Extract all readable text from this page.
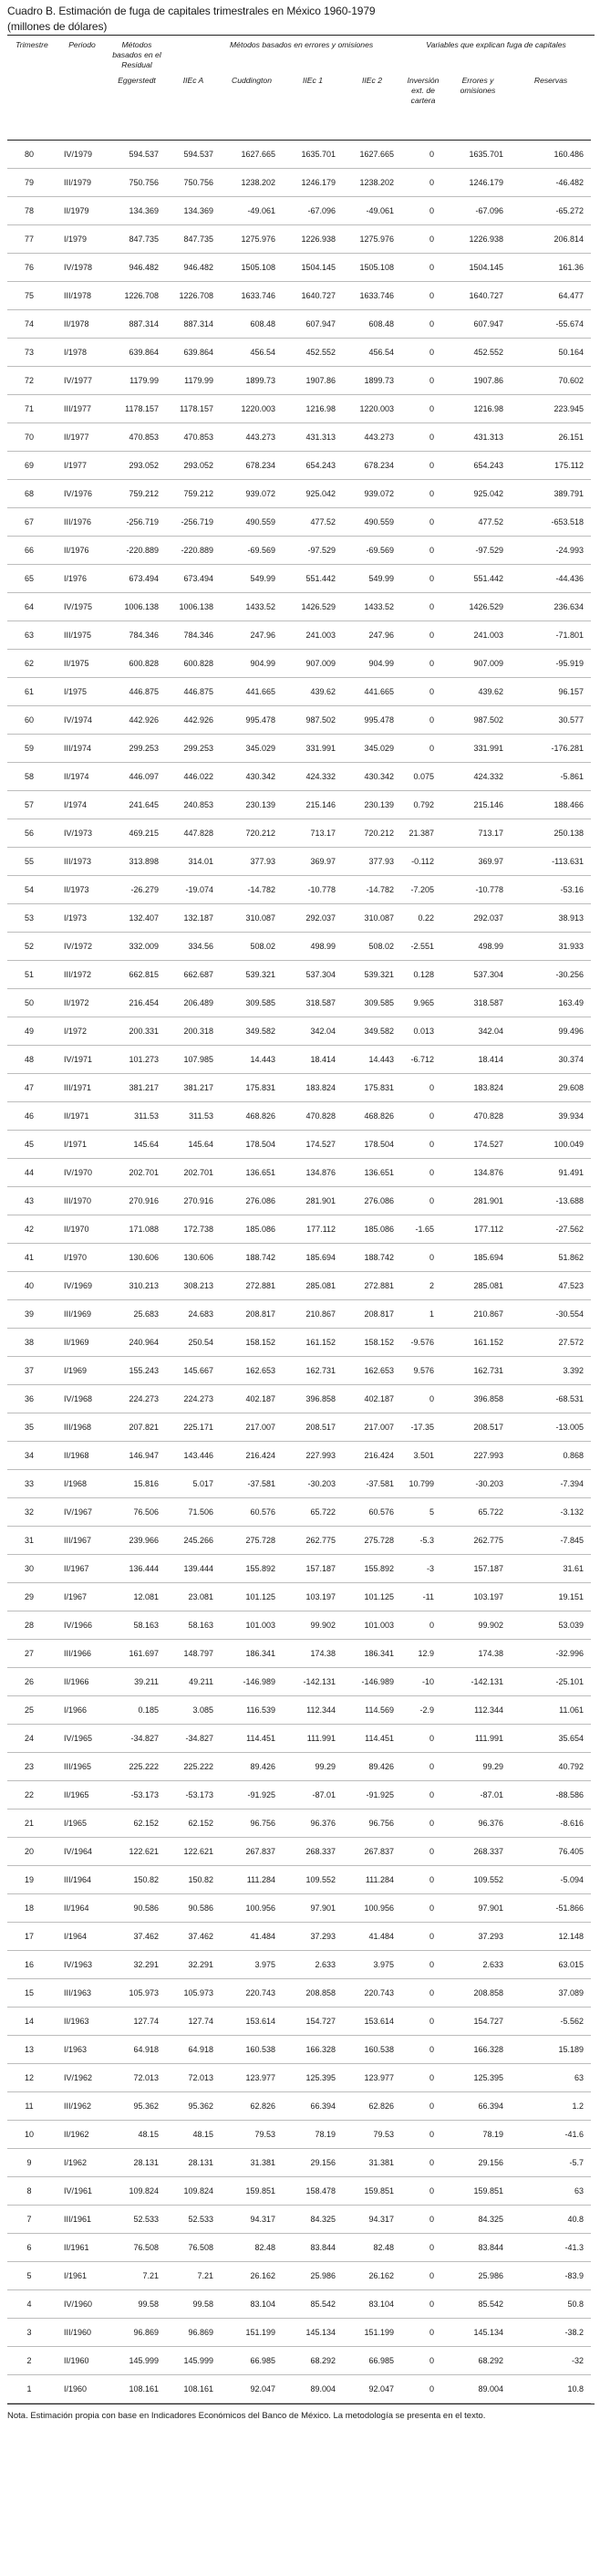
Cuadro B. Estimación de fuga de capitales trimestrales en México 1960-1979
(millones de dólares)
Trimestre	Periodo	Métodos basados en el Residual		Métodos basados en errores y omisiones			Variables que explican fuga de capitales		
		Eggerstedt	IIEc A	Cuddington	IIEc 1	IIEc 2	Inversión ext. de cartera	Errores y omisiones	Reservas
80	IV/1979	594.537	594.537	1627.665	1635.701	1627.665	0	1635.701	160.486
79	III/1979	750.756	750.756	1238.202	1246.179	1238.202	0	1246.179	-46.482
78	II/1979	134.369	134.369	-49.061	-67.096	-49.061	0	-67.096	-65.272
77	I/1979	847.735	847.735	1275.976	1226.938	1275.976	0	1226.938	206.814
76	IV/1978	946.482	946.482	1505.108	1504.145	1505.108	0	1504.145	161.36
75	III/1978	1226.708	1226.708	1633.746	1640.727	1633.746	0	1640.727	64.477
74	II/1978	887.314	887.314	608.48	607.947	608.48	0	607.947	-55.674
73	I/1978	639.864	639.864	456.54	452.552	456.54	0	452.552	50.164
72	IV/1977	1179.99	1179.99	1899.73	1907.86	1899.73	0	1907.86	70.602
71	III/1977	1178.157	1178.157	1220.003	1216.98	1220.003	0	1216.98	223.945
70	II/1977	470.853	470.853	443.273	431.313	443.273	0	431.313	26.151
69	I/1977	293.052	293.052	678.234	654.243	678.234	0	654.243	175.112
68	IV/1976	759.212	759.212	939.072	925.042	939.072	0	925.042	389.791
67	III/1976	-256.719	-256.719	490.559	477.52	490.559	0	477.52	-653.518
66	II/1976	-220.889	-220.889	-69.569	-97.529	-69.569	0	-97.529	-24.993
65	I/1976	673.494	673.494	549.99	551.442	549.99	0	551.442	-44.436
64	IV/1975	1006.138	1006.138	1433.52	1426.529	1433.52	0	1426.529	236.634
63	III/1975	784.346	784.346	247.96	241.003	247.96	0	241.003	-71.801
62	II/1975	600.828	600.828	904.99	907.009	904.99	0	907.009	-95.919
61	I/1975	446.875	446.875	441.665	439.62	441.665	0	439.62	96.157
60	IV/1974	442.926	442.926	995.478	987.502	995.478	0	987.502	30.577
59	III/1974	299.253	299.253	345.029	331.991	345.029	0	331.991	-176.281
58	II/1974	446.097	446.022	430.342	424.332	430.342	0.075	424.332	-5.861
57	I/1974	241.645	240.853	230.139	215.146	230.139	0.792	215.146	188.466
56	IV/1973	469.215	447.828	720.212	713.17	720.212	21.387	713.17	250.138
55	III/1973	313.898	314.01	377.93	369.97	377.93	-0.112	369.97	-113.631
54	II/1973	-26.279	-19.074	-14.782	-10.778	-14.782	-7.205	-10.778	-53.16
53	I/1973	132.407	132.187	310.087	292.037	310.087	0.22	292.037	38.913
52	IV/1972	332.009	334.56	508.02	498.99	508.02	-2.551	498.99	31.933
51	III/1972	662.815	662.687	539.321	537.304	539.321	0.128	537.304	-30.256
50	II/1972	216.454	206.489	309.585	318.587	309.585	9.965	318.587	163.49
49	I/1972	200.331	200.318	349.582	342.04	349.582	0.013	342.04	99.496
48	IV/1971	101.273	107.985	14.443	18.414	14.443	-6.712	18.414	30.374
47	III/1971	381.217	381.217	175.831	183.824	175.831	0	183.824	29.608
46	II/1971	311.53	311.53	468.826	470.828	468.826	0	470.828	39.934
45	I/1971	145.64	145.64	178.504	174.527	178.504	0	174.527	100.049
44	IV/1970	202.701	202.701	136.651	134.876	136.651	0	134.876	91.491
43	III/1970	270.916	270.916	276.086	281.901	276.086	0	281.901	-13.688
42	II/1970	171.088	172.738	185.086	177.112	185.086	-1.65	177.112	-27.562
41	I/1970	130.606	130.606	188.742	185.694	188.742	0	185.694	51.862
40	IV/1969	310.213	308.213	272.881	285.081	272.881	2	285.081	47.523
39	III/1969	25.683	24.683	208.817	210.867	208.817	1	210.867	-30.554
38	II/1969	240.964	250.54	158.152	161.152	158.152	-9.576	161.152	27.572
37	I/1969	155.243	145.667	162.653	162.731	162.653	9.576	162.731	3.392
36	IV/1968	224.273	224.273	402.187	396.858	402.187	0	396.858	-68.531
35	III/1968	207.821	225.171	217.007	208.517	217.007	-17.35	208.517	-13.005
34	II/1968	146.947	143.446	216.424	227.993	216.424	3.501	227.993	0.868
33	I/1968	15.816	5.017	-37.581	-30.203	-37.581	10.799	-30.203	-7.394
32	IV/1967	76.506	71.506	60.576	65.722	60.576	5	65.722	-3.132
31	III/1967	239.966	245.266	275.728	262.775	275.728	-5.3	262.775	-7.845
30	II/1967	136.444	139.444	155.892	157.187	155.892	-3	157.187	31.61
29	I/1967	12.081	23.081	101.125	103.197	101.125	-11	103.197	19.151
28	IV/1966	58.163	58.163	101.003	99.902	101.003	0	99.902	53.039
27	III/1966	161.697	148.797	186.341	174.38	186.341	12.9	174.38	-32.996
26	II/1966	39.211	49.211	-146.989	-142.131	-146.989	-10	-142.131	-25.101
25	I/1966	0.185	3.085	116.539	112.344	114.569	-2.9	112.344	11.061
24	IV/1965	-34.827	-34.827	114.451	111.991	114.451	0	111.991	35.654
23	III/1965	225.222	225.222	89.426	99.29	89.426	0	99.29	40.792
22	II/1965	-53.173	-53.173	-91.925	-87.01	-91.925	0	-87.01	-88.586
21	I/1965	62.152	62.152	96.756	96.376	96.756	0	96.376	-8.616
20	IV/1964	122.621	122.621	267.837	268.337	267.837	0	268.337	76.405
19	III/1964	150.82	150.82	111.284	109.552	111.284	0	109.552	-5.094
18	II/1964	90.586	90.586	100.956	97.901	100.956	0	97.901	-51.866
17	I/1964	37.462	37.462	41.484	37.293	41.484	0	37.293	12.148
16	IV/1963	32.291	32.291	3.975	2.633	3.975	0	2.633	63.015
15	III/1963	105.973	105.973	220.743	208.858	220.743	0	208.858	37.089
14	II/1963	127.74	127.74	153.614	154.727	153.614	0	154.727	-5.562
13	I/1963	64.918	64.918	160.538	166.328	160.538	0	166.328	15.189
12	IV/1962	72.013	72.013	123.977	125.395	123.977	0	125.395	63
11	III/1962	95.362	95.362	62.826	66.394	62.826	0	66.394	1.2
10	II/1962	48.15	48.15	79.53	78.19	79.53	0	78.19	-41.6
9	I/1962	28.131	28.131	31.381	29.156	31.381	0	29.156	-5.7
8	IV/1961	109.824	109.824	159.851	158.478	159.851	0	159.851	63
7	III/1961	52.533	52.533	94.317	84.325	94.317	0	84.325	40.8
6	II/1961	76.508	76.508	82.48	83.844	82.48	0	83.844	-41.3
5	I/1961	7.21	7.21	26.162	25.986	26.162	0	25.986	-83.9
4	IV/1960	99.58	99.58	83.104	85.542	83.104	0	85.542	50.8
3	III/1960	96.869	96.869	151.199	145.134	151.199	0	145.134	-38.2
2	II/1960	145.999	145.999	66.985	68.292	66.985	0	68.292	-32
1	I/1960	108.161	108.161	92.047	89.004	92.047	0	89.004	10.8
Nota. Estimación propia con base en Indicadores Económicos del Banco de México. La metodología se presenta en el texto.
